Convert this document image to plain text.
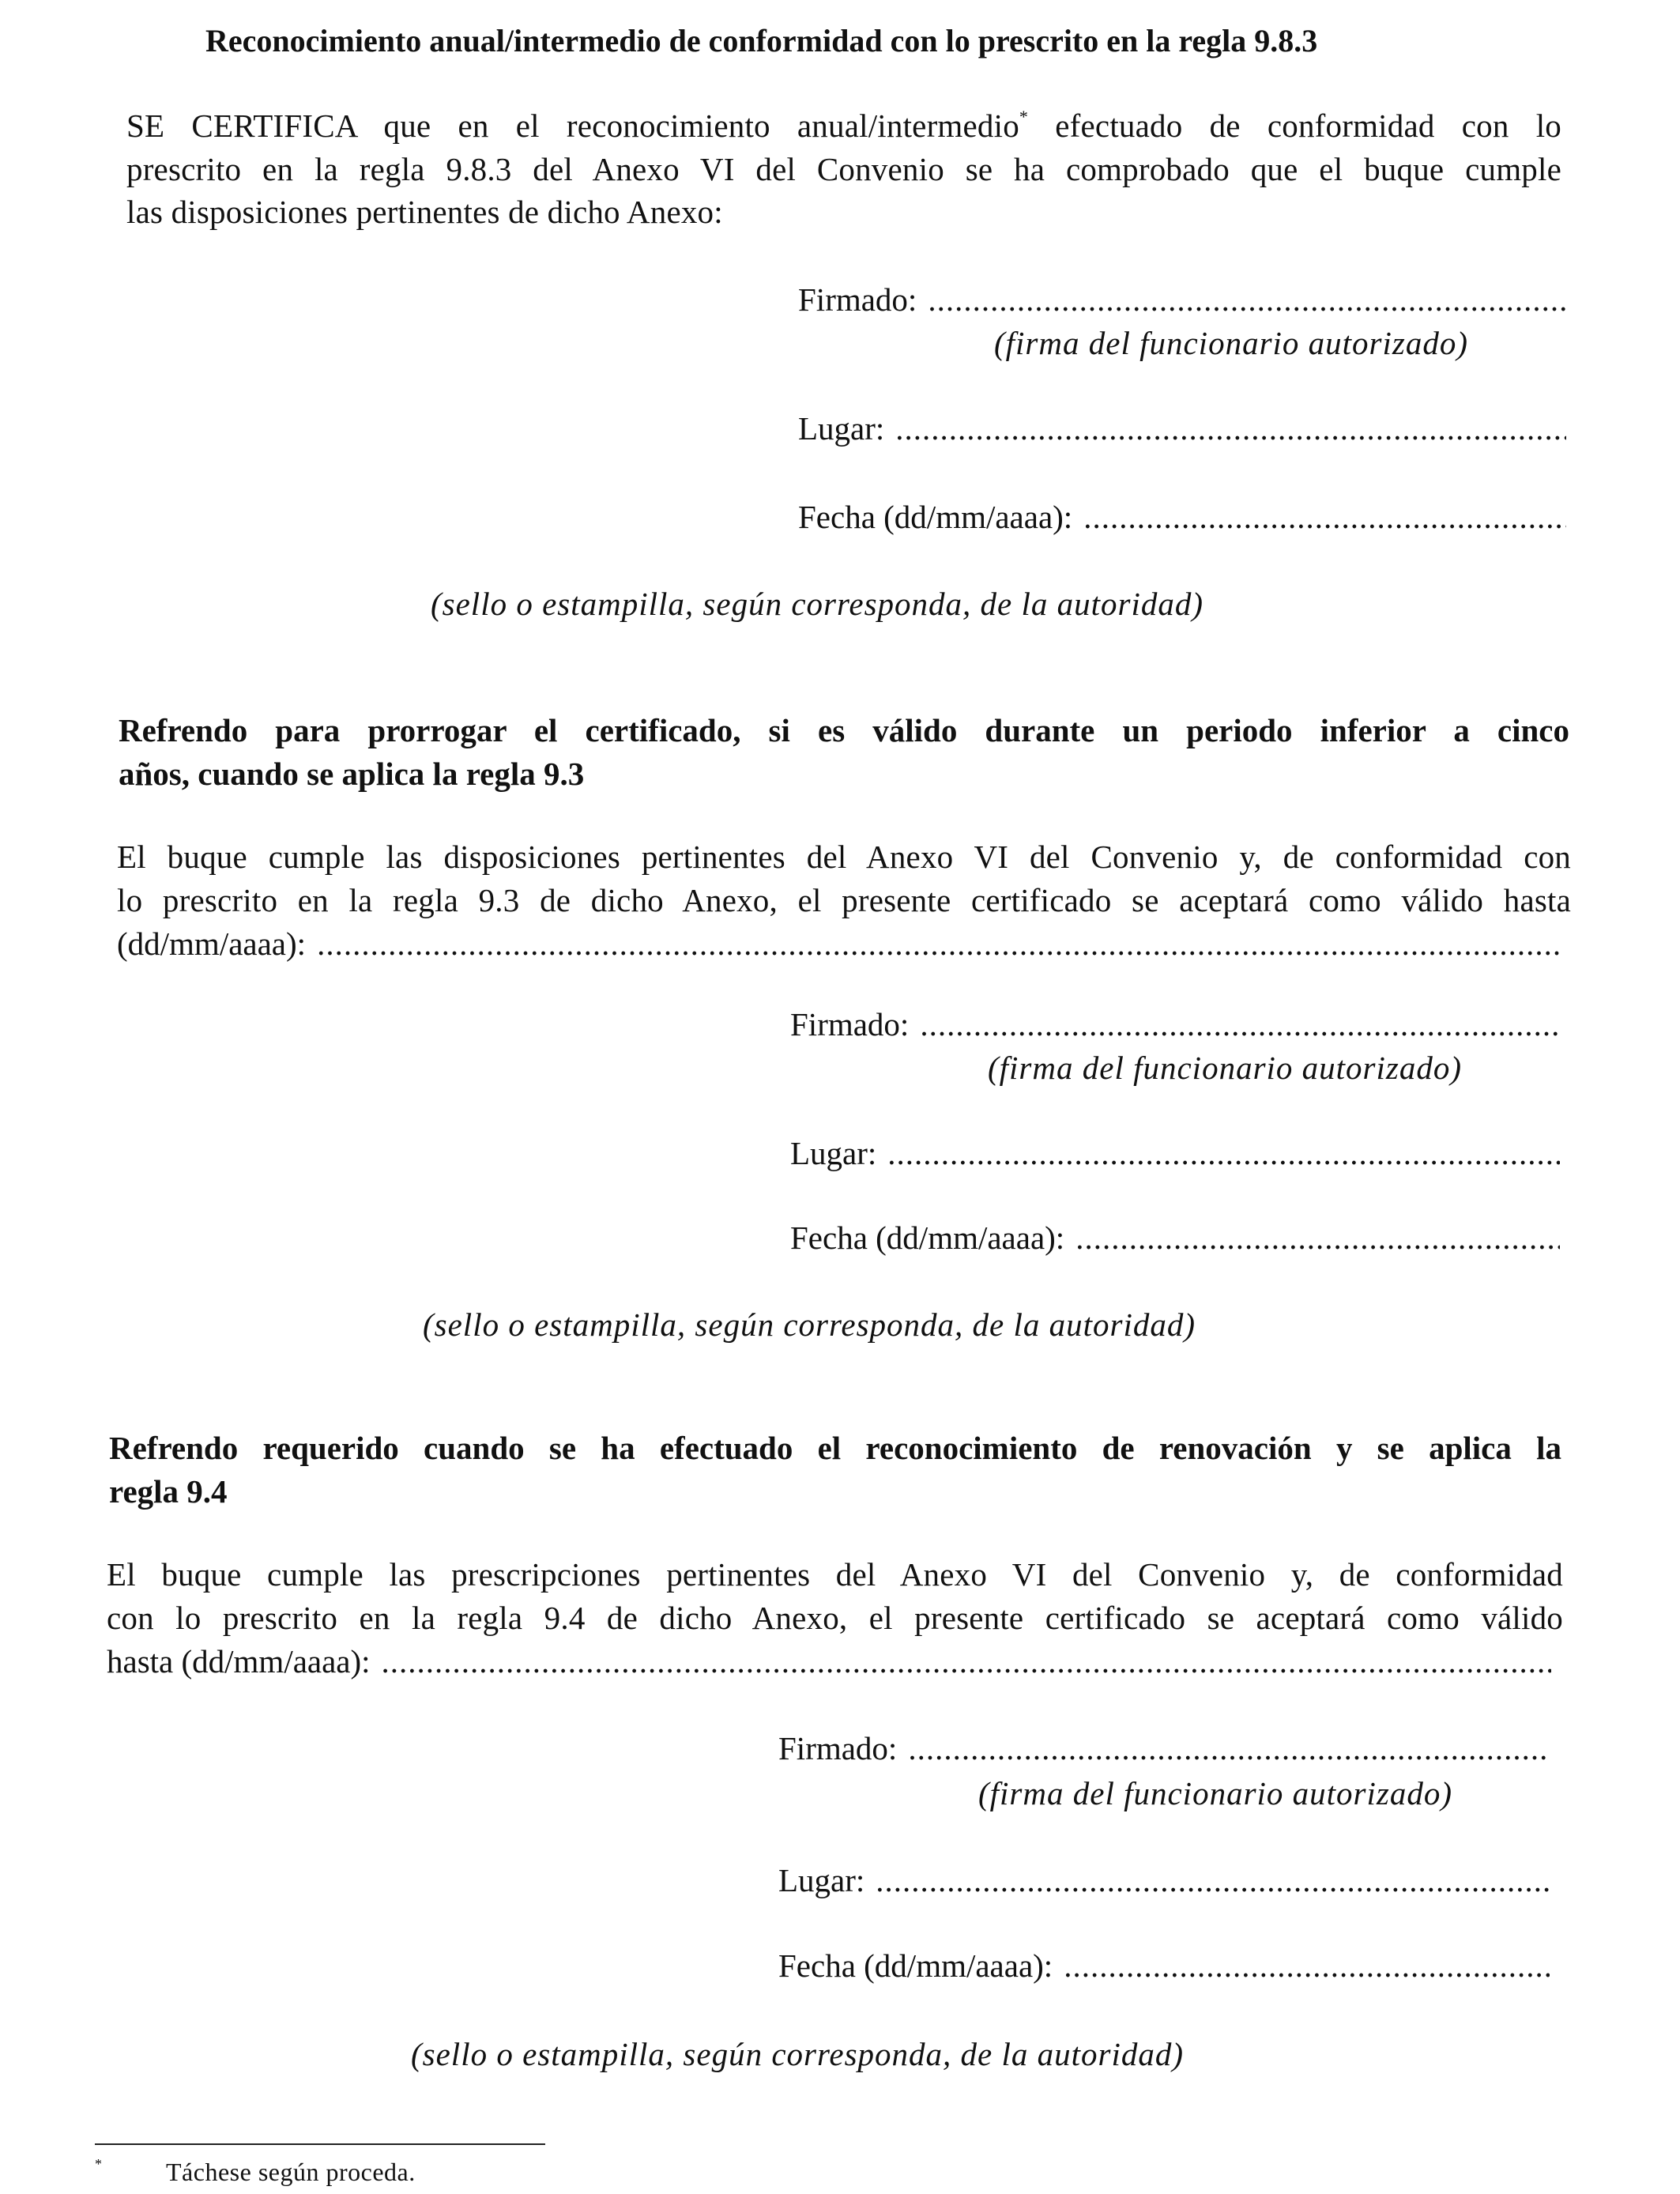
Reconocimiento anual/intermedio de conformidad con lo prescrito en la regla 9.8.3
SE CERTIFICA que en el reconocimiento anual/intermedio* efectuado de conformidad con lo
prescrito en la regla 9.8.3 del Anexo VI del Convenio se ha comprobado que el buque cumple
las disposiciones pertinentes de dicho Anexo:
Firmado:
.....
(firma del funcionario autorizado)
Lugar:
.....
Fecha (dd/mm/aaaa):
.....
(sello o estampilla, según corresponda, de la autoridad)
Refrendo para prorrogar el certificado, si es válido durante un periodo inferior a cinco
años, cuando se aplica la regla 9.3
El buque cumple las disposiciones pertinentes del Anexo VI del Convenio y, de conformidad con
lo prescrito en la regla 9.3 de dicho Anexo, el presente certificado se aceptará como válido hasta
(dd/mm/aaaa):
.....
Firmado:
.....
(firma del funcionario autorizado)
Lugar:
.....
Fecha (dd/mm/aaaa):
.....
(sello o estampilla, según corresponda, de la autoridad)
Refrendo requerido cuando se ha efectuado el reconocimiento de renovación y se aplica la
regla 9.4
El buque cumple las prescripciones pertinentes del Anexo VI del Convenio y, de conformidad
con lo prescrito en la regla 9.4 de dicho Anexo, el presente certificado se aceptará como válido
hasta (dd/mm/aaaa):
.....
Firmado:
.....
(firma del funcionario autorizado)
Lugar:
.....
Fecha (dd/mm/aaaa):
.....
(sello o estampilla, según corresponda, de la autoridad)
*	Táchese según proceda.
